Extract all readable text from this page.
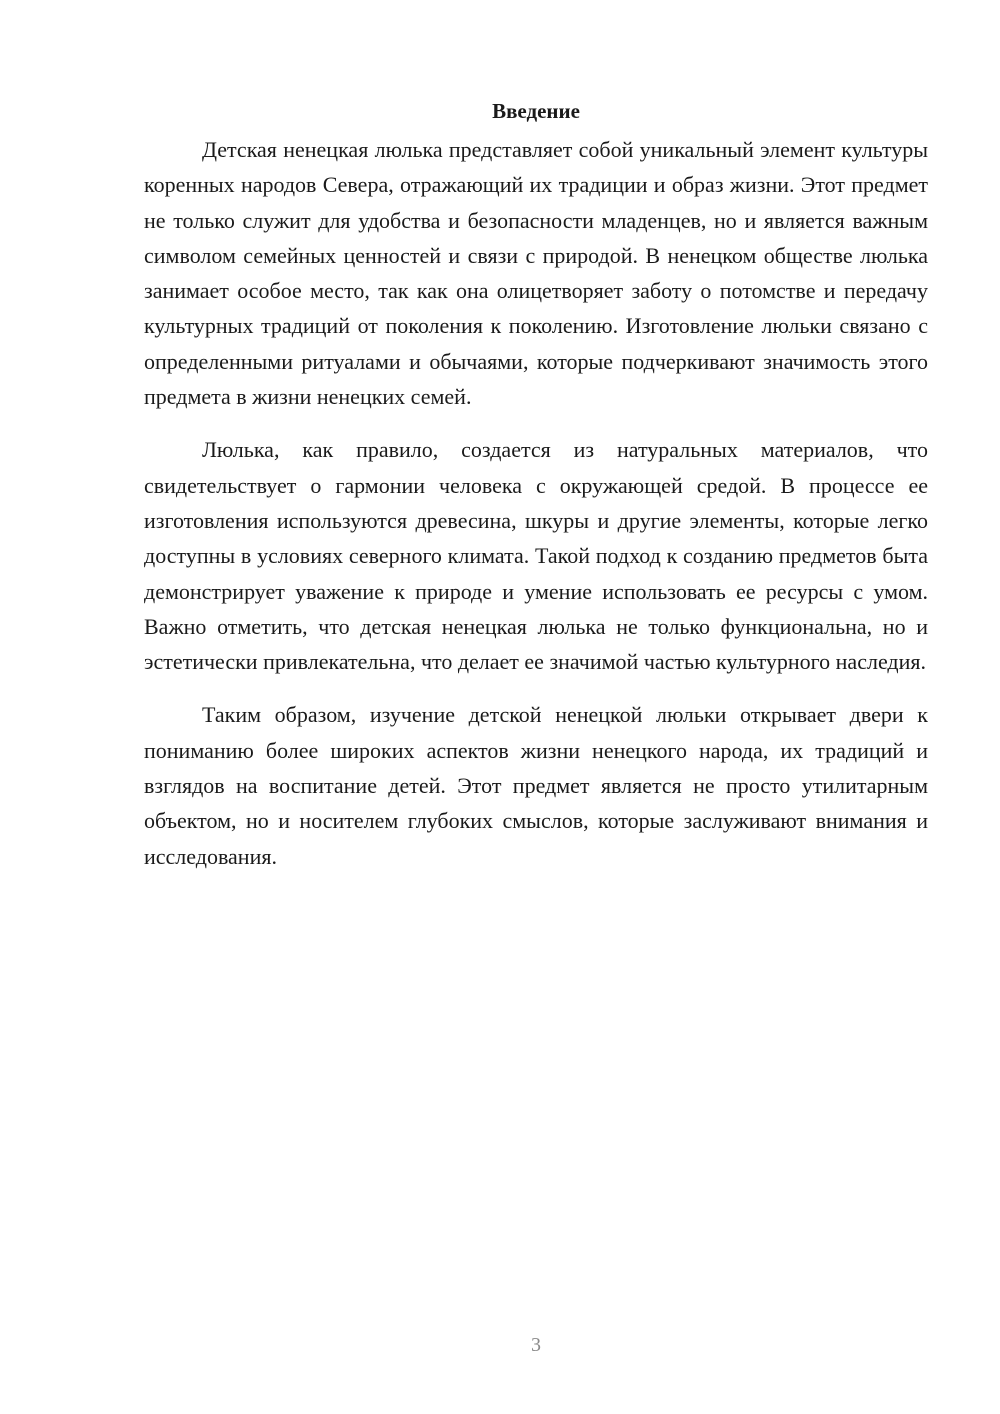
Введение

Детская ненецкая люлька представляет собой уникальный элемент культуры коренных народов Севера, отражающий их традиции и образ жизни. Этот предмет не только служит для удобства и безопасности младенцев, но и является важным символом семейных ценностей и связи с природой. В ненецком обществе люлька занимает особое место, так как она олицетворяет заботу о потомстве и передачу культурных традиций от поколения к поколению. Изготовление люльки связано с определенными ритуалами и обычаями, которые подчеркивают значимость этого предмета в жизни ненецких семей.

Люлька, как правило, создается из натуральных материалов, что свидетельствует о гармонии человека с окружающей средой. В процессе ее изготовления используются древесина, шкуры и другие элементы, которые легко доступны в условиях северного климата. Такой подход к созданию предметов быта демонстрирует уважение к природе и умение использовать ее ресурсы с умом. Важно отметить, что детская ненецкая люлька не только функциональна, но и эстетически привлекательна, что делает ее значимой частью культурного наследия.

Таким образом, изучение детской ненецкой люльки открывает двери к пониманию более широких аспектов жизни ненецкого народа, их традиций и взглядов на воспитание детей. Этот предмет является не просто утилитарным объектом, но и носителем глубоких смыслов, которые заслуживают внимания и исследования.

3
